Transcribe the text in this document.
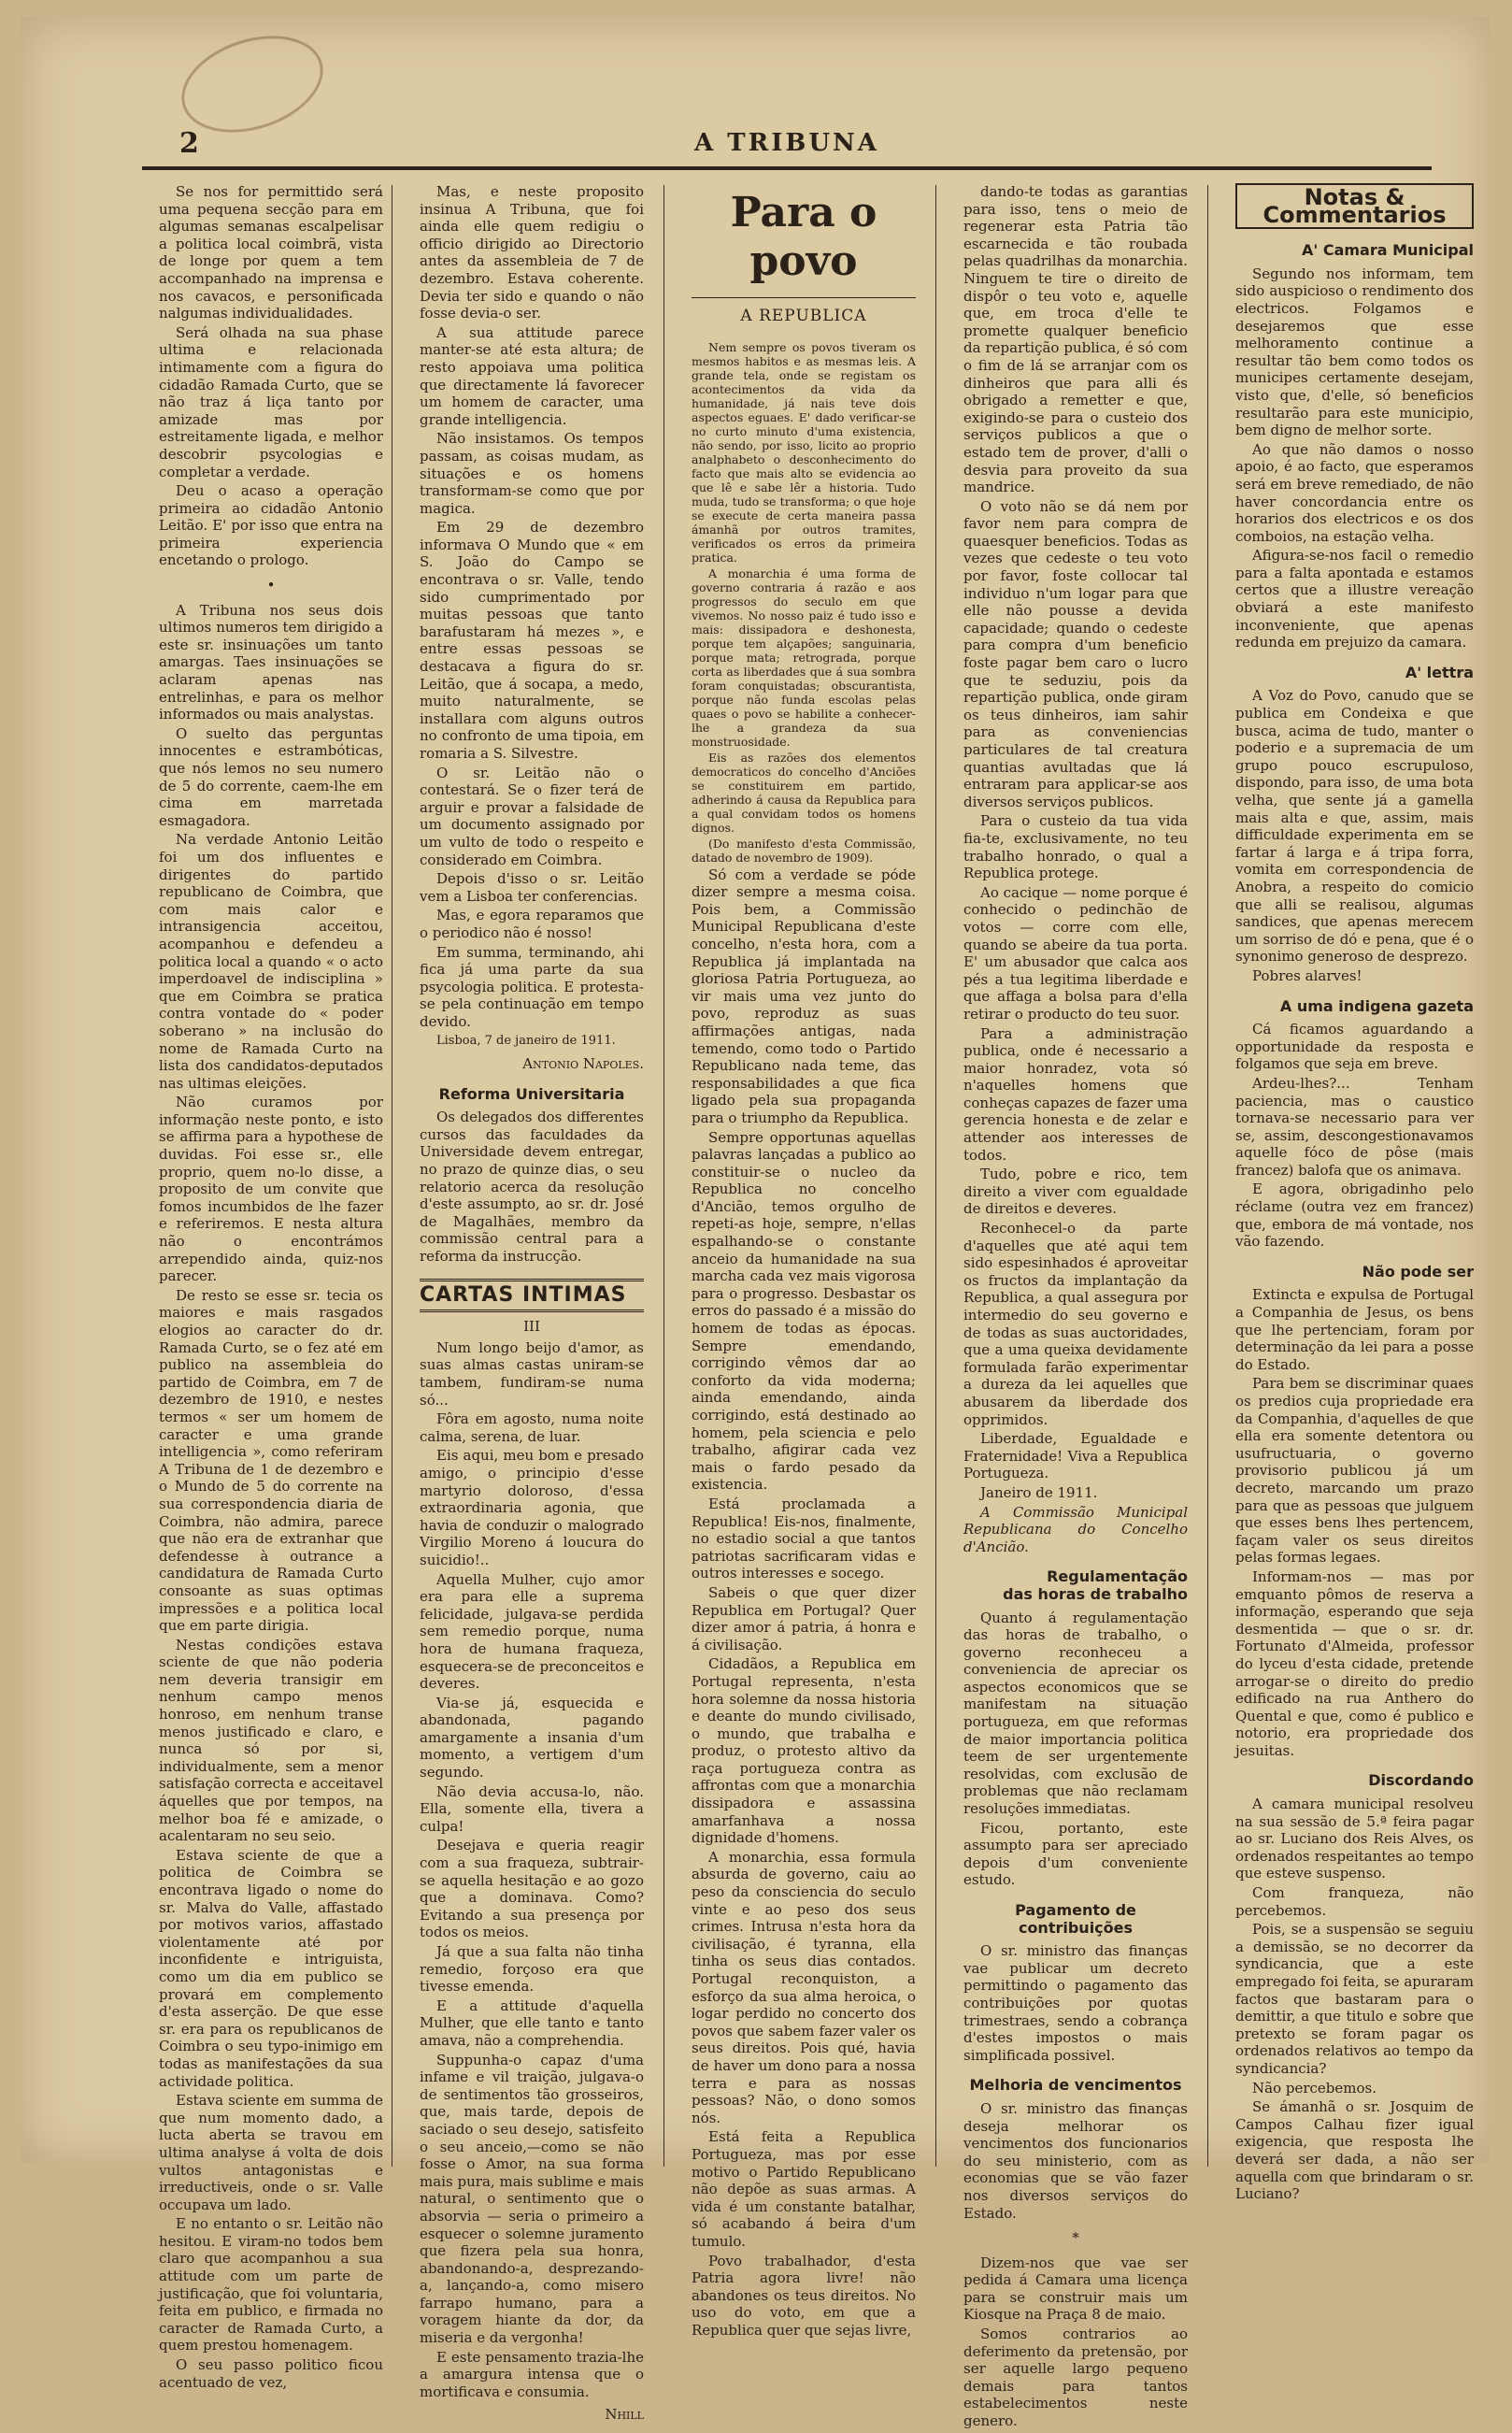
2	A TRIBUNA

Se nos for permittido será uma pequena secção para em algumas semanas escalpelisar a politica local coimbrã, vista de longe por quem a tem accompanhado na imprensa e nos cavacos, e personificada nalgumas individualidades.

Será olhada na sua phase ultima e relacionada intimamente com a figura do cidadão Ramada Curto, que se não traz á liça tanto por amizade mas por estreitamente ligada, e melhor descobrir psycologias e completar a verdade.

Deu o acaso a operação primeira ao cidadão Antonio Leitão. E' por isso que entra na primeira experiencia encetando o prologo.

•

A Tribuna nos seus dois ultimos numeros tem dirigido a este sr. insinuações um tanto amargas. Taes insinuações se aclaram apenas nas entrelinhas, e para os melhor informados ou mais analystas.

O suelto das perguntas innocentes e estrambóticas, que nós lemos no seu numero de 5 do corrente, caem-lhe em cima em marretada esmagadora.

Na verdade Antonio Leitão foi um dos influentes e dirigentes do partido republicano de Coimbra, que com mais calor e intransigencia acceitou, acompanhou e defendeu a politica local a quando « o acto imperdoavel de indisciplina » que em Coimbra se pratica contra vontade do « poder soberano » na inclusão do nome de Ramada Curto na lista dos candidatos-deputados nas ultimas eleições.

Não curamos por informação neste ponto, e isto se affirma para a hypothese de duvidas. Foi esse sr., elle proprio, quem no-lo disse, a proposito de um convite que fomos incumbidos de lhe fazer e referiremos. E nesta altura não o encontrámos arrependido ainda, quiz-nos parecer.

De resto se esse sr. tecia os maiores e mais rasgados elogios ao caracter do dr. Ramada Curto, se o fez até em publico na assembleia do partido de Coimbra, em 7 de dezembro de 1910, e nestes termos « ser um homem de caracter e uma grande intelligencia », como referiram A Tribuna de 1 de dezembro e o Mundo de 5 do corrente na sua correspondencia diaria de Coimbra, não admira, parece que não era de extranhar que defendesse à outrance a candidatura de Ramada Curto consoante as suas optimas impressões e a politica local que em parte dirigia.

Nestas condições estava sciente de que não poderia nem deveria transigir em nenhum campo menos honroso, em nenhum transe menos justificado e claro, e nunca só por si, individualmente, sem a menor satisfação correcta e acceitavel áquelles que por tempos, na melhor boa fé e amizade, o acalentaram no seu seio.

Estava sciente de que a politica de Coimbra se encontrava ligado o nome do sr. Malva do Valle, affastado por motivos varios, affastado violentamente até por inconfidente e intriguista, como um dia em publico se provará em complemento d'esta asserção. De que esse sr. era para os republicanos de Coimbra o seu typo-inimigo em todas as manifestações da sua actividade politica.

Estava sciente em summa de que num momento dado, a lucta aberta se travou em ultima analyse á volta de dois vultos antagonistas e irreductiveis, onde o sr. Valle occupava um lado.

E no entanto o sr. Leitão não hesitou. E viram-no todos bem claro que acompanhou a sua attitude com um parte de justificação, que foi voluntaria, feita em publico, e firmada no caracter de Ramada Curto, a quem prestou homenagem.

O seu passo politico ficou acentuado de vez,

Mas, e neste proposito insinua A Tribuna, que foi ainda elle quem redigiu o officio dirigido ao Directorio antes da assembleia de 7 de dezembro. Estava coherente. Devia ter sido e quando o não fosse devia-o ser.

A sua attitude parece manter-se até esta altura; de resto appoiava uma politica que directamente lá favorecer um homem de caracter, uma grande intelligencia.

Não insistamos. Os tempos passam, as coisas mudam, as situações e os homens transformam-se como que por magica.

Em 29 de dezembro informava O Mundo que « em S. João do Campo se encontrava o sr. Valle, tendo sido cumprimentado por muitas pessoas que tanto barafustaram há mezes », e entre essas pessoas se destacava a figura do sr. Leitão, que á socapa, a medo, muito naturalmente, se installara com alguns outros no confronto de uma tipoia, em romaria a S. Silvestre.

O sr. Leitão não o contestará. Se o fizer terá de arguir e provar a falsidade de um documento assignado por um vulto de todo o respeito e considerado em Coimbra.

Depois d'isso o sr. Leitão vem a Lisboa ter conferencias.

Mas, e egora reparamos que o periodico não é nosso!

Em summa, terminando, ahi fica já uma parte da sua psycologia politica. E protesta-se pela continuação em tempo devido.

Lisboa, 7 de janeiro de 1911.

Antonio Napoles.

Reforma Universitaria

Os delegados dos differentes cursos das faculdades da Universidade devem entregar, no prazo de quinze dias, o seu relatorio acerca da resolução d'este assumpto, ao sr. dr. José de Magalhães, membro da commissão central para a reforma da instrucção.

CARTAS INTIMAS

III

Num longo beijo d'amor, as suas almas castas uniram-se tambem, fundiram-se numa só...

Fôra em agosto, numa noite calma, serena, de luar.

Eis aqui, meu bom e presado amigo, o principio d'esse martyrio doloroso, d'essa extraordinaria agonia, que havia de conduzir o malogrado Virgilio Moreno á loucura do suicidio!..

Aquella Mulher, cujo amor era para elle a suprema felicidade, julgava-se perdida sem remedio porque, numa hora de humana fraqueza, esquecera-se de preconceitos e deveres.

Via-se já, esquecida e abandonada, pagando amargamente a insania d'um momento, a vertigem d'um segundo.

Não devia accusa-lo, não. Ella, somente ella, tivera a culpa!

Desejava e queria reagir com a sua fraqueza, subtrair-se aquella hesitação e ao gozo que a dominava. Como? Evitando a sua presença por todos os meios.

Já que a sua falta não tinha remedio, forçoso era que tivesse emenda.

E a attitude d'aquella Mulher, que elle tanto e tanto amava, não a comprehendia.

Suppunha-o capaz d'uma infame e vil traição, julgava-o de sentimentos tão grosseiros, que, mais tarde, depois de saciado o seu desejo, satisfeito o seu anceio,—como se não fosse o Amor, na sua forma mais pura, mais sublime e mais natural, o sentimento que o absorvia — seria o primeiro a esquecer o solemne juramento que fizera pela sua honra, abandonando-a, desprezando-a, lançando-a, como misero farrapo humano, para a voragem hiante da dor, da miseria e da vergonha!

E este pensamento trazia-lhe a amargura intensa que o mortificava e consumia.

Nhill

Para o povo
A REPUBLICA

Nem sempre os povos tiveram os mesmos habitos e as mesmas leis. A grande tela, onde se registam os acontecimentos da vida da humanidade, já nais teve dois aspectos eguaes. E' dado verificar-se no curto minuto d'uma existencia, não sendo, por isso, licito ao proprio analphabeto o desconhecimento do facto que mais alto se evidencia ao que lê e sabe lêr a historia. Tudo muda, tudo se transforma; o que hoje se execute de certa maneira passa ámanhã por outros tramites, verificados os erros da primeira pratica.

A monarchia é uma forma de governo contraria á razão e aos progressos do seculo em que vivemos. No nosso paiz é tudo isso e mais: dissipadora e deshonesta, porque tem alçapões; sanguinaria, porque mata; retrograda, porque corta as liberdades que á sua sombra foram conquistadas; obscurantista, porque não funda escolas pelas quaes o povo se habilite a conhecer-lhe a grandeza da sua monstruosidade.

Eis as razões dos elementos democraticos do concelho d'Anciões se constituirem em partido, adherindo á causa da Republica para a qual convidam todos os homens dignos.

(Do manifesto d'esta Commissão, datado de novembro de 1909).

Só com a verdade se póde dizer sempre a mesma coisa. Pois bem, a Commissão Municipal Republicana d'este concelho, n'esta hora, com a Republica já implantada na gloriosa Patria Portugueza, ao vir mais uma vez junto do povo, reproduz as suas affirmações antigas, nada temendo, como todo o Partido Republicano nada teme, das responsabilidades a que fica ligado pela sua propaganda para o triumpho da Republica.

Sempre opportunas aquellas palavras lançadas a publico ao constituir-se o nucleo da Republica no concelho d'Ancião, temos orgulho de repeti-as hoje, sempre, n'ellas espalhando-se o constante anceio da humanidade na sua marcha cada vez mais vigorosa para o progresso. Desbastar os erros do passado é a missão do homem de todas as épocas. Sempre emendando, corrigindo vêmos dar ao conforto da vida moderna; ainda emendando, ainda corrigindo, está destinado ao homem, pela sciencia e pelo trabalho, afigirar cada vez mais o fardo pesado da existencia.

Está proclamada a Republica! Eis-nos, finalmente, no estadio social a que tantos patriotas sacrificaram vidas e outros interesses e socego.

Sabeis o que quer dizer Republica em Portugal? Quer dizer amor á patria, á honra e á civilisação.

Cidadãos, a Republica em Portugal representa, n'esta hora solemne da nossa historia e deante do mundo civilisado, o mundo, que trabalha e produz, o protesto altivo da raça portugueza contra as affrontas com que a monarchia dissipadora e assassina amarfanhava a nossa dignidade d'homens.

A monarchia, essa formula absurda de governo, caiu ao peso da consciencia do seculo vinte e ao peso dos seus crimes. Intrusa n'esta hora da civilisação, é tyranna, ella tinha os seus dias contados. Portugal reconquiston, a esforço da sua alma heroica, o logar perdido no concerto dos povos que sabem fazer valer os seus direitos. Pois qué, havia de haver um dono para a nossa terra e para as nossas pessoas? Não, o dono somos nós.

Está feita a Republica Portugueza, mas por esse motivo o Partido Republicano não depõe as suas armas. A vida é um constante batalhar, só acabando á beira d'um tumulo.

Povo trabalhador, d'esta Patria agora livre! não abandones os teus direitos. No uso do voto, em que a Republica quer que sejas livre,

dando-te todas as garantias para isso, tens o meio de regenerar esta Patria tão escarnecida e tão roubada pelas quadrilhas da monarchia. Ninguem te tire o direito de dispôr o teu voto e, aquelle que, em troca d'elle te promette qualquer beneficio da repartição publica, é só com o fim de lá se arranjar com os dinheiros que para alli és obrigado a remetter e que, exigindo-se para o custeio dos serviços publicos a que o estado tem de prover, d'alli o desvia para proveito da sua mandrice.

O voto não se dá nem por favor nem para compra de quaesquer beneficios. Todas as vezes que cedeste o teu voto por favor, foste collocar tal individuo n'um logar para que elle não pousse a devida capacidade; quando o cedeste para compra d'um beneficio foste pagar bem caro o lucro que te seduziu, pois da repartição publica, onde giram os teus dinheiros, iam sahir para as conveniencias particulares de tal creatura quantias avultadas que lá entraram para applicar-se aos diversos serviços publicos.

Para o custeio da tua vida fia-te, exclusivamente, no teu trabalho honrado, o qual a Republica protege.

Ao cacique — nome porque é conhecido o pedinchão de votos — corre com elle, quando se abeire da tua porta. E' um abusador que calca aos pés a tua legitima liberdade e que affaga a bolsa para d'ella retirar o producto do teu suor.

Para a administração publica, onde é necessario a maior honradez, vota só n'aquelles homens que conheças capazes de fazer uma gerencia honesta e de zelar e attender aos interesses de todos.

Tudo, pobre e rico, tem direito a viver com egualdade de direitos e deveres.

Reconhecel-o da parte d'aquelles que até aqui tem sido espesinhados é aproveitar os fructos da implantação da Republica, a qual assegura por intermedio do seu governo e de todas as suas auctoridades, que a uma queixa devidamente formulada farão experimentar a dureza da lei aquelles que abusarem da liberdade dos opprimidos.

Liberdade, Egualdade e Fraternidade! Viva a Republica Portugueza.

Janeiro de 1911.

A Commissão Municipal Republicana do Concelho d'Ancião.

Regulamentação
das horas de trabalho

Quanto á regulamentação das horas de trabalho, o governo reconheceu a conveniencia de apreciar os aspectos economicos que se manifestam na situação portugueza, em que reformas de maior importancia politica teem de ser urgentemente resolvidas, com exclusão de problemas que não reclamam resoluções immediatas.

Ficou, portanto, este assumpto para ser apreciado depois d'um conveniente estudo.

Pagamento de contribuições

O sr. ministro das finanças vae publicar um decreto permittindo o pagamento das contribuições por quotas trimestraes, sendo a cobrança d'estes impostos o mais simplificada possivel.

Melhoria de vencimentos

O sr. ministro das finanças deseja melhorar os vencimentos dos funcionarios do seu ministerio, com as economias que se vão fazer nos diversos serviços do Estado.

*

Dizem-nos que vae ser pedida á Camara uma licença para se construir mais um Kiosque na Praça 8 de maio.

Somos contrarios ao deferimento da pretensão, por ser aquelle largo pequeno demais para tantos estabelecimentos neste genero.

Notas & Commentarios
A' Camara Municipal

Segundo nos informam, tem sido auspicioso o rendimento dos electricos. Folgamos e desejaremos que esse melhoramento continue a resultar tão bem como todos os municipes certamente desejam, visto que, d'elle, só beneficios resultarão para este municipio, bem digno de melhor sorte.

Ao que não damos o nosso apoio, é ao facto, que esperamos será em breve remediado, de não haver concordancia entre os horarios dos electricos e os dos comboios, na estação velha.

Afigura-se-nos facil o remedio para a falta apontada e estamos certos que a illustre vereação obviará a este manifesto inconveniente, que apenas redunda em prejuizo da camara.

A' lettra

A Voz do Povo, canudo que se publica em Condeixa e que busca, acima de tudo, manter o poderio e a supremacia de um grupo pouco escrupuloso, dispondo, para isso, de uma bota velha, que sente já a gamella mais alta e que, assim, mais difficuldade experimenta em se fartar á larga e á tripa forra, vomita em correspondencia de Anobra, a respeito do comicio que alli se realisou, algumas sandices, que apenas merecem um sorriso de dó e pena, que é o synonimo generoso de desprezo.

Pobres alarves!

A uma indigena gazeta

Cá ficamos aguardando a opportunidade da resposta e folgamos que seja em breve.

Ardeu-lhes?... Tenham paciencia, mas o caustico tornava-se necessario para ver se, assim, descongestionavamos aquelle fóco de pôse (mais francez) balofa que os animava.

E agora, obrigadinho pelo réclame (outra vez em francez) que, embora de má vontade, nos vão fazendo.

Não pode ser

Extincta e expulsa de Portugal a Companhia de Jesus, os bens que lhe pertenciam, foram por determinação da lei para a posse do Estado.

Para bem se discriminar quaes os predios cuja propriedade era da Companhia, d'aquelles de que ella era somente detentora ou usufructuaria, o governo provisorio publicou já um decreto, marcando um prazo para que as pessoas que julguem que esses bens lhes pertencem, façam valer os seus direitos pelas formas legaes.

Informam-nos — mas por emquanto pômos de reserva a informação, esperando que seja desmentida — que o sr. dr. Fortunato d'Almeida, professor do lyceu d'esta cidade, pretende arrogar-se o direito do predio edificado na rua Anthero do Quental e que, como é publico e notorio, era propriedade dos jesuitas.

Discordando

A camara municipal resolveu na sua sessão de 5.ª feira pagar ao sr. Luciano dos Reis Alves, os ordenados respeitantes ao tempo que esteve suspenso.

Com franqueza, não percebemos.

Pois, se a suspensão se seguiu a demissão, se no decorrer da syndicancia, que a este empregado foi feita, se apuraram factos que bastaram para o demittir, a que titulo e sobre que pretexto se foram pagar os ordenados relativos ao tempo da syndicancia?

Não percebemos.

Se ámanhã o sr. Josquim de Campos Calhau fizer igual exigencia, que resposta lhe deverá ser dada, a não ser aquella com que brindaram o sr. Luciano?
